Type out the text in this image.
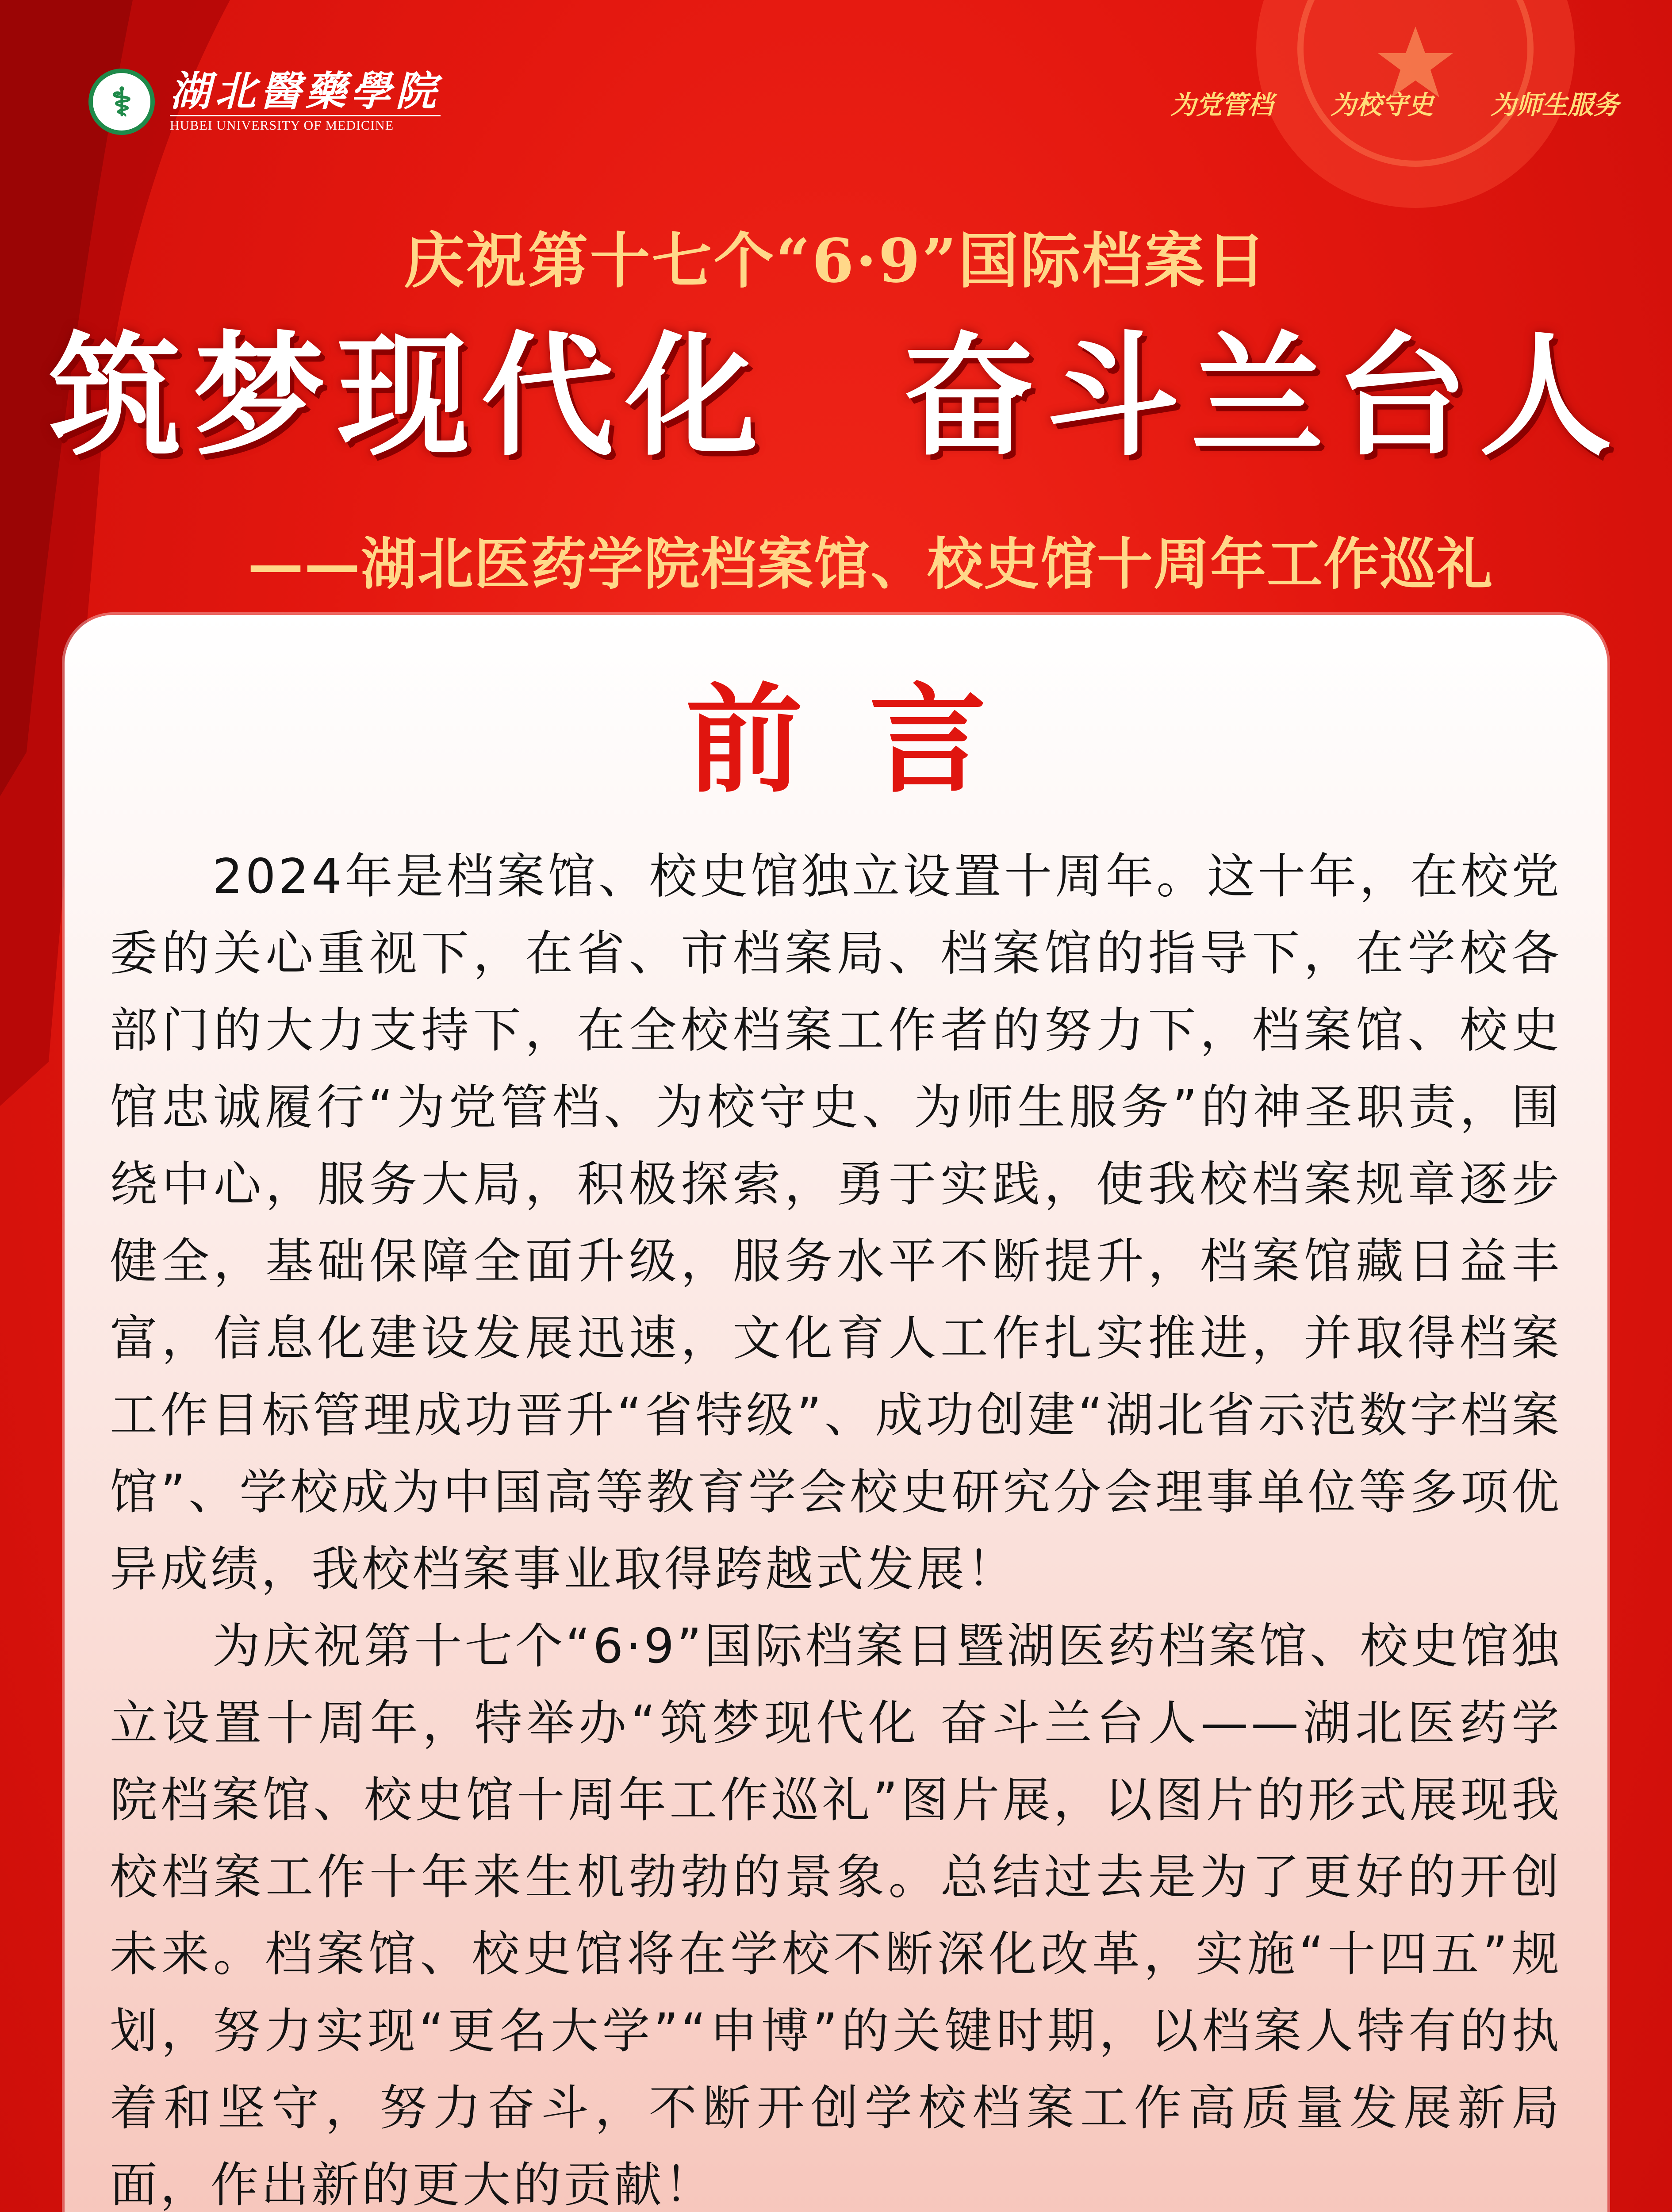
⚕ 湖北醫藥學院
HUBEI UNIVERSITY OF MEDICINE
为党管档 为校守史 为师生服务
庆祝第十七个“6·9”国际档案日
筑梦现代化 奋斗兰台人
——湖北医药学院档案馆、校史馆十周年工作巡礼
前言

2024年是档案馆、校史馆独立设置十周年。这十年，在校党委的关心重视下，在省、市档案局、档案馆的指导下，在学校各部门的大力支持下，在全校档案工作者的努力下，档案馆、校史馆忠诚履行“为党管档、为校守史、为师生服务”的神圣职责，围绕中心，服务大局，积极探索，勇于实践，使我校档案规章逐步健全，基础保障全面升级，服务水平不断提升，档案馆藏日益丰富，信息化建设发展迅速，文化育人工作扎实推进，并取得档案工作目标管理成功晋升“省特级”、成功创建“湖北省示范数字档案馆”、学校成为中国高等教育学会校史研究分会理事单位等多项优异成绩，我校档案事业取得跨越式发展！

为庆祝第十七个“6·9”国际档案日暨湖医药档案馆、校史馆独立设置十周年，特举办“筑梦现代化 奋斗兰台人——湖北医药学院档案馆、校史馆十周年工作巡礼”图片展，以图片的形式展现我校档案工作十年来生机勃勃的景象。总结过去是为了更好的开创未来。档案馆、校史馆将在学校不断深化改革，实施“十四五”规划，努力实现“更名大学”“申博”的关键时期，以档案人特有的执着和坚守，努力奋斗，不断开创学校档案工作高质量发展新局面，作出新的更大的贡献！
